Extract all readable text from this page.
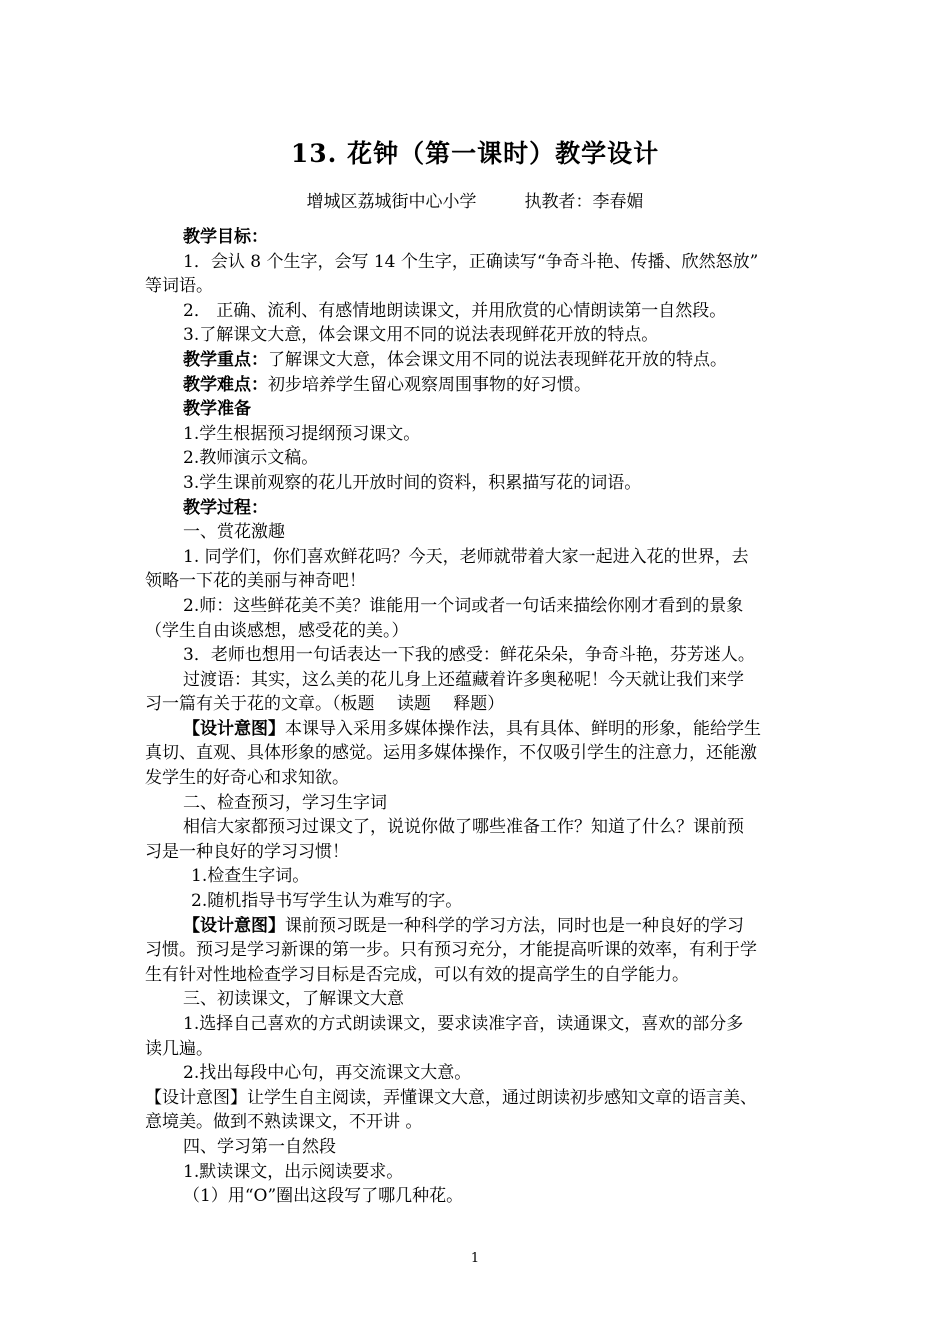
13. 花钟（第一课时）教学设计
增城区荔城街中心小学	执教者：李春媚

教学目标：

1．会认 8 个生字，会写 14 个生字，正确读写“争奇斗艳、传播、欣然怒放”

等词语。

2． 正确、流利、有感情地朗读课文，并用欣赏的心情朗读第一自然段。

3.了解课文大意，体会课文用不同的说法表现鲜花开放的特点。

教学重点：了解课文大意，体会课文用不同的说法表现鲜花开放的特点。

教学难点：初步培养学生留心观察周围事物的好习惯。

教学准备

1.学生根据预习提纲预习课文。

2.教师演示文稿。

3.学生课前观察的花儿开放时间的资料，积累描写花的词语。

教学过程：

一、赏花激趣

1. 同学们，你们喜欢鲜花吗？今天，老师就带着大家一起进入花的世界，去

领略一下花的美丽与神奇吧！

2.师：这些鲜花美不美？谁能用一个词或者一句话来描绘你刚才看到的景象

（学生自由谈感想，感受花的美。）

3．老师也想用一句话表达一下我的感受：鲜花朵朵，争奇斗艳，芬芳迷人。

过渡语：其实，这么美的花儿身上还蕴藏着许多奥秘呢！今天就让我们来学

习一篇有关于花的文章。（板题　 读题　 释题）

【设计意图】本课导入采用多媒体操作法，具有具体、鲜明的形象，能给学生

真切、直观、具体形象的感觉。运用多媒体操作，不仅吸引学生的注意力，还能激

发学生的好奇心和求知欲。

二、检查预习，学习生字词

相信大家都预习过课文了，说说你做了哪些准备工作？知道了什么？课前预

习是一种良好的学习习惯！

1.检查生字词。

2.随机指导书写学生认为难写的字。

【设计意图】课前预习既是一种科学的学习方法，同时也是一种良好的学习

习惯。预习是学习新课的第一步。只有预习充分，才能提高听课的效率，有利于学

生有针对性地检查学习目标是否完成，可以有效的提高学生的自学能力。

三、初读课文，了解课文大意

1.选择自己喜欢的方式朗读课文，要求读准字音，读通课文，喜欢的部分多

读几遍。

2.找出每段中心句，再交流课文大意。

【设计意图】让学生自主阅读，弄懂课文大意，通过朗读初步感知文章的语言美、

意境美。做到不熟读课文，不开讲 。

四、学习第一自然段

1.默读课文，出示阅读要求。

（1）用“O”圈出这段写了哪几种花。

1
